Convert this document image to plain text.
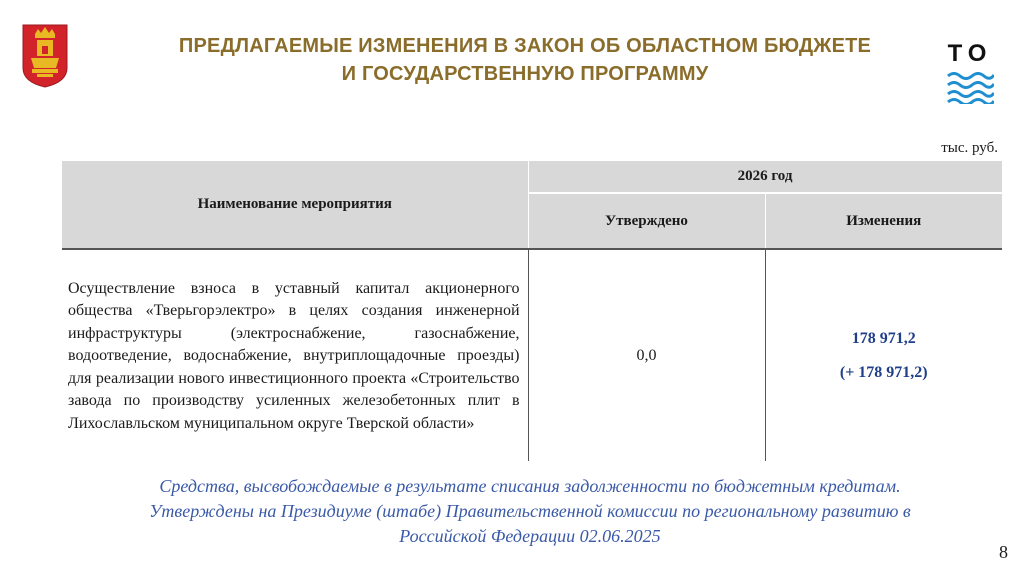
ПРЕДЛАГАЕМЫЕ ИЗМЕНЕНИЯ В ЗАКОН ОБ ОБЛАСТНОМ БЮДЖЕТЕ
И ГОСУДАРСТВЕННУЮ ПРОГРАММУ
ТО
тыс. руб.
Наименование мероприятия	2026 год	
	Утверждено	Изменения
Осуществление взноса в уставный капитал акционерного общества «Тверьгорэлектро» в целях создания инженерной инфраструктуры (электроснабжение, газоснабжение, водоотведение, водоснабжение, внутриплощадочные проезды) для реализации нового инвестиционного проекта «Строительство завода по производству усиленных железобетонных плит в Лихославльском муниципальном округе Тверской области»	0,0	178 971,2
(+ 178 971,2)
Средства, высвобождаемые в результате списания задолженности по бюджетным кредитам.
Утверждены на Президиуме (штабе) Правительственной комиссии по региональному развитию в
Российской Федерации 02.06.2025
8
